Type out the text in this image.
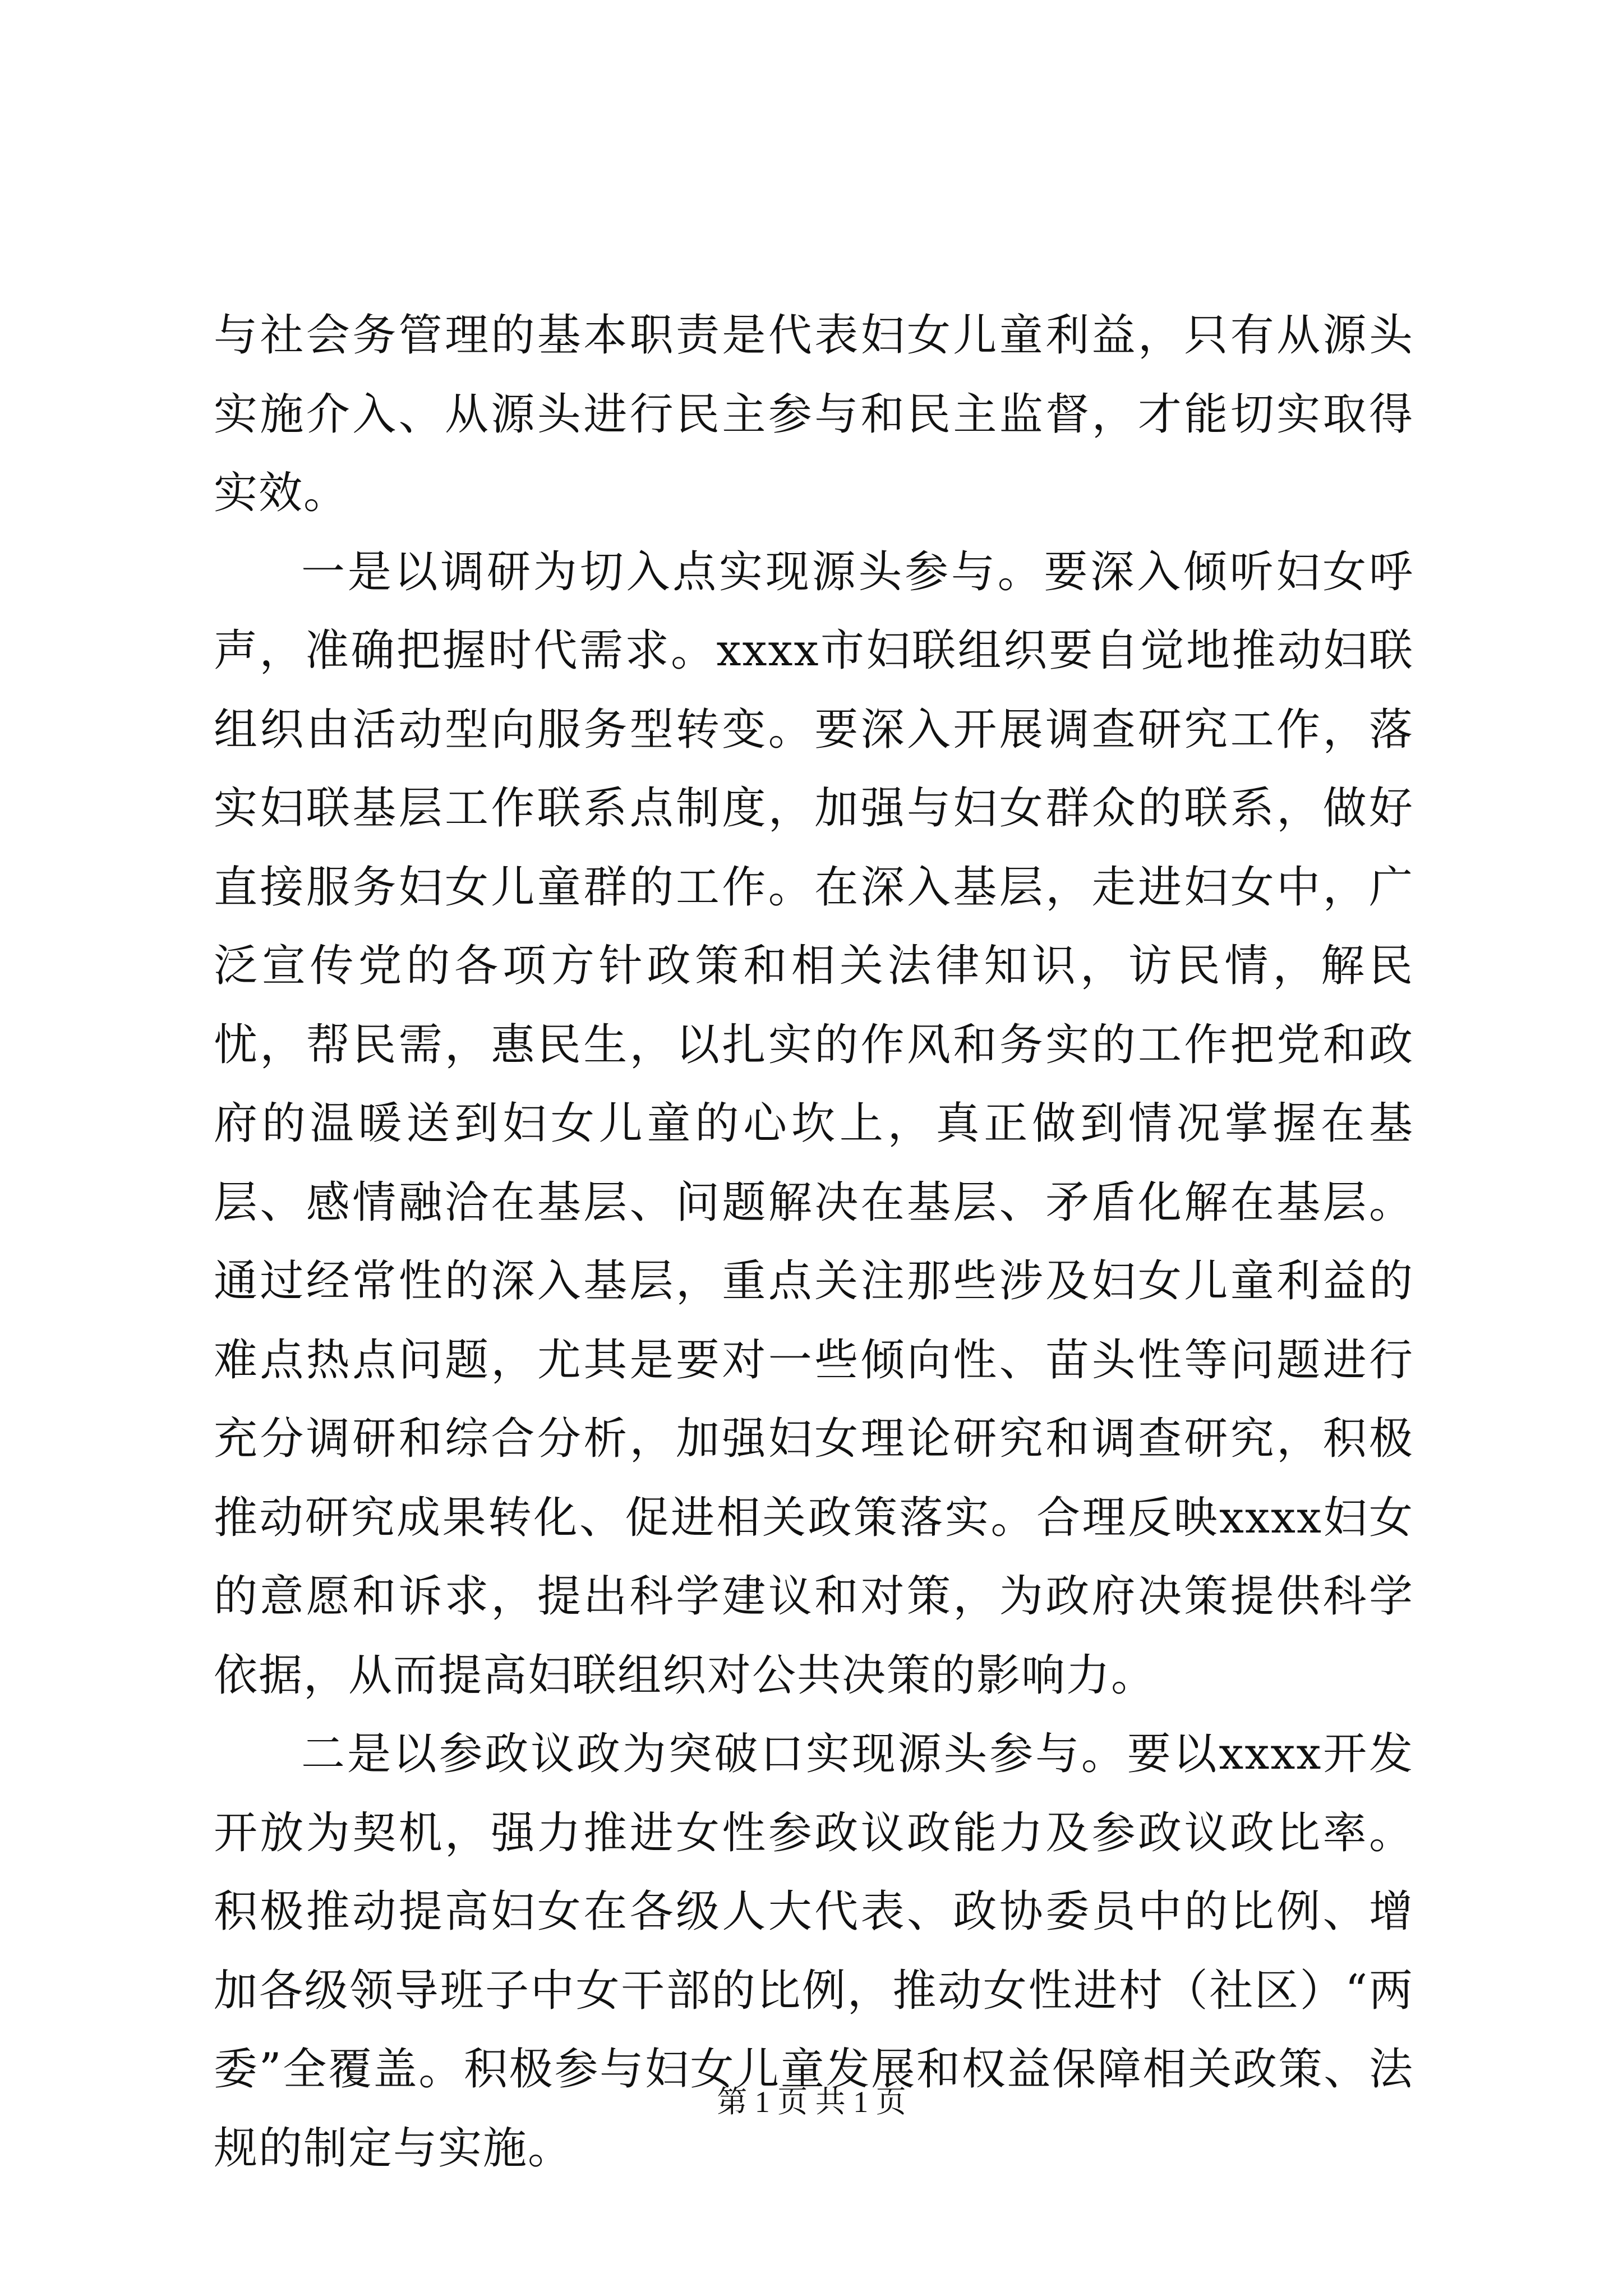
与社会务管理的基本职责是代表妇女儿童利益，只有从源头实施介入、从源头进行民主参与和民主监督，才能切实取得实效。

一是以调研为切入点实现源头参与。要深入倾听妇女呼声，准确把握时代需求。xxxx市妇联组织要自觉地推动妇联组织由活动型向服务型转变。要深入开展调查研究工作，落实妇联基层工作联系点制度，加强与妇女群众的联系，做好直接服务妇女儿童群的工作。在深入基层，走进妇女中，广泛宣传党的各项方针政策和相关法律知识，访民情，解民忧，帮民需，惠民生，以扎实的作风和务实的工作把党和政府的温暖送到妇女儿童的心坎上，真正做到情况掌握在基层、感情融洽在基层、问题解决在基层、矛盾化解在基层。通过经常性的深入基层，重点关注那些涉及妇女儿童利益的难点热点问题，尤其是要对一些倾向性、苗头性等问题进行充分调研和综合分析，加强妇女理论研究和调查研究，积极推动研究成果转化、促进相关政策落实。合理反映xxxx妇女的意愿和诉求，提出科学建议和对策，为政府决策提供科学依据，从而提高妇联组织对公共决策的影响力。

二是以参政议政为突破口实现源头参与。要以xxxx开发开放为契机，强力推进女性参政议政能力及参政议政比率。积极推动提高妇女在各级人大代表、政协委员中的比例、增加各级领导班子中女干部的比例，推动女性进村（社区）“两委”全覆盖。积极参与妇女儿童发展和权益保障相关政策、法规的制定与实施。

第 1 页 共 1 页
